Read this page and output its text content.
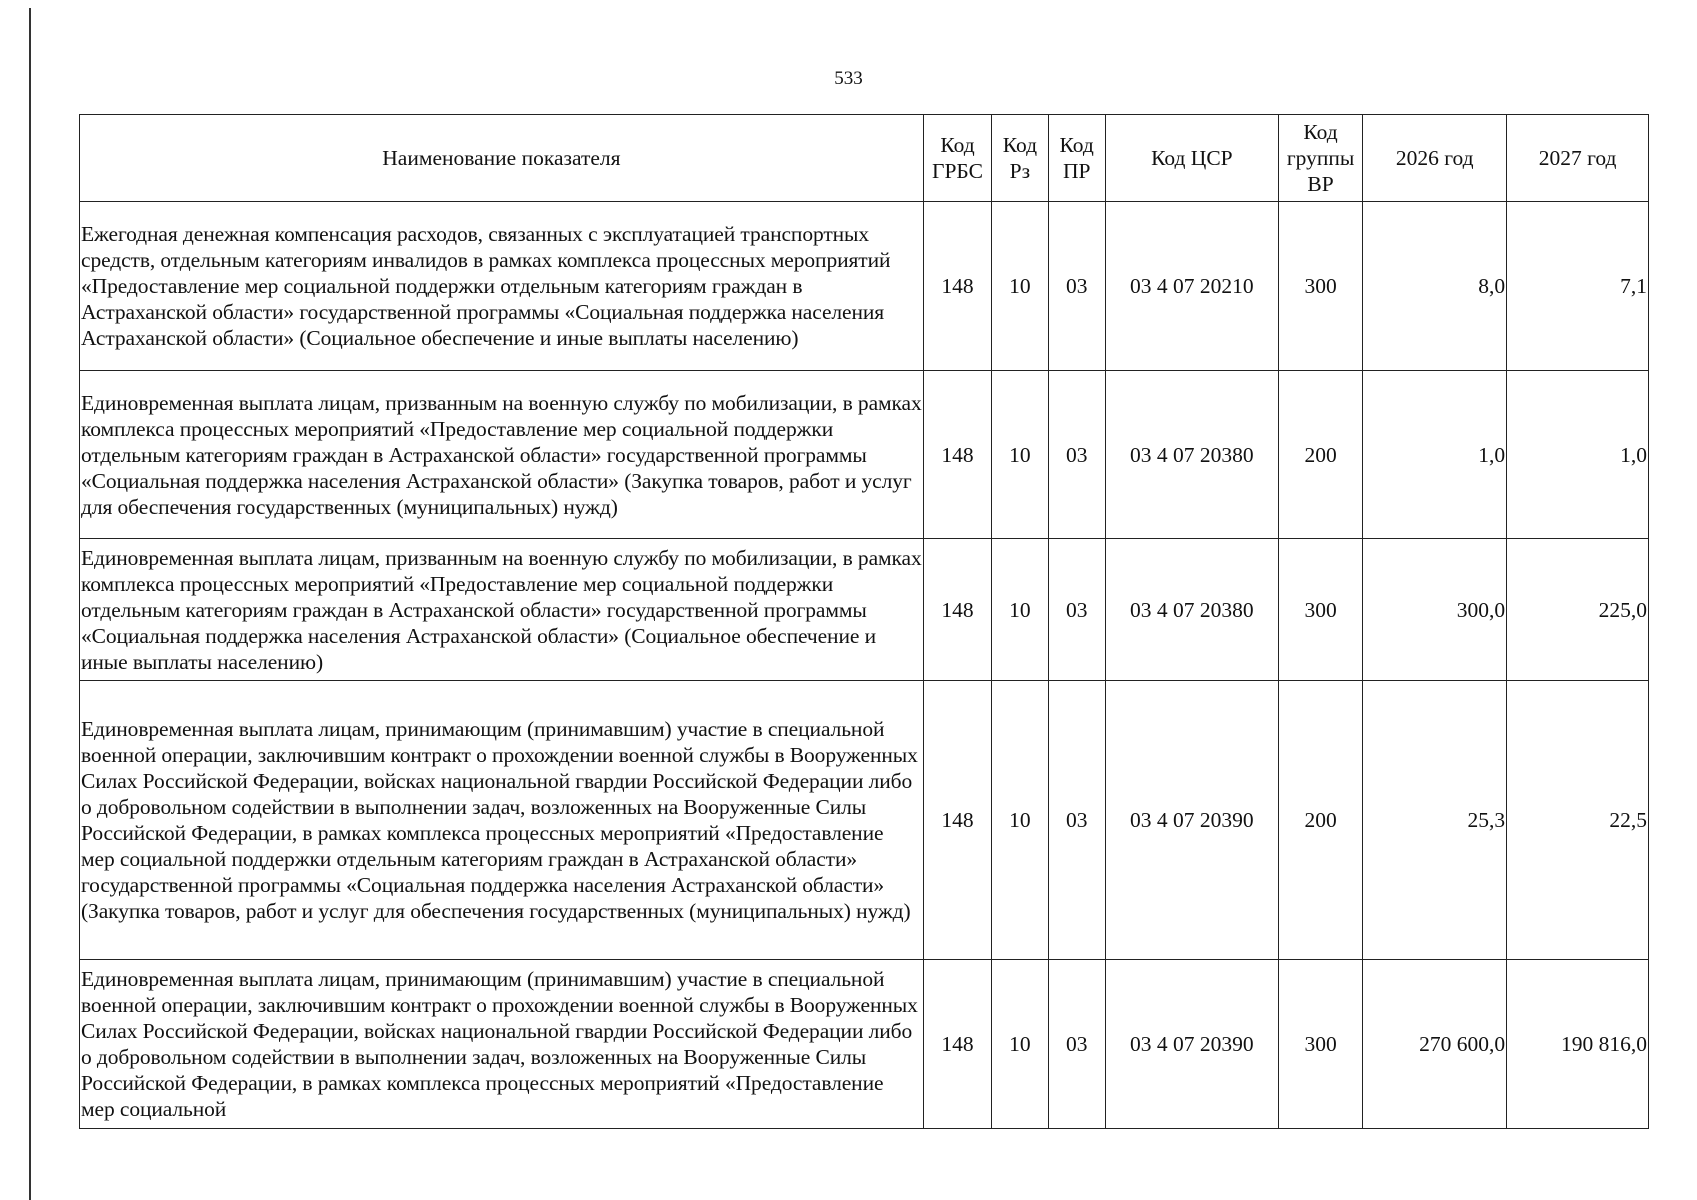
533
Наименование показателя	Код ГРБС	Код Рз	Код ПР	Код ЦСР	Код группы ВР	2026 год	2027 год
Ежегодная денежная компенсация расходов, связанных с эксплуатацией транспортных средств, отдельным категориям инвалидов в рамках комплекса процессных мероприятий «Предоставление мер социальной поддержки отдельным категориям граждан в Астраханской области» государственной программы «Социальная поддержка населения Астраханской области» (Социальное обеспечение и иные выплаты населению)	148	10	03	03 4 07 20210	300	8,0	7,1
Единовременная выплата лицам, призванным на военную службу по мобилизации, в рамках комплекса процессных мероприятий «Предоставление мер социальной поддержки отдельным категориям граждан в Астраханской области» государственной программы «Социальная поддержка населения Астраханской области» (Закупка товаров, работ и услуг для обеспечения государственных (муниципальных) нужд)	148	10	03	03 4 07 20380	200	1,0	1,0
Единовременная выплата лицам, призванным на военную службу по мобилизации, в рамках комплекса процессных мероприятий «Предоставление мер социальной поддержки отдельным категориям граждан в Астраханской области» государственной программы «Социальная поддержка населения Астраханской области» (Социальное обеспечение и иные выплаты населению)	148	10	03	03 4 07 20380	300	300,0	225,0
Единовременная выплата лицам, принимающим (принимавшим) участие в специальной военной операции, заключившим контракт о прохождении военной службы в Вооруженных Силах Российской Федерации, войсках национальной гвардии Российской Федерации либо о добровольном содействии в выполнении задач, возложенных на Вооруженные Силы Российской Федерации, в рамках комплекса процессных мероприятий «Предоставление мер социальной поддержки отдельным категориям граждан в Астраханской области» государственной программы «Социальная поддержка населения Астраханской области» (Закупка товаров, работ и услуг для обеспечения государственных (муниципальных) нужд)	148	10	03	03 4 07 20390	200	25,3	22,5
Единовременная выплата лицам, принимающим (принимавшим) участие в специальной военной операции, заключившим контракт о прохождении военной службы в Вооруженных Силах Российской Федерации, войсках национальной гвардии Российской Федерации либо о добровольном содействии в выполнении задач, возложенных на Вооруженные Силы Российской Федерации, в рамках комплекса процессных мероприятий «Предоставление мер социальной	148	10	03	03 4 07 20390	300	270 600,0	190 816,0
